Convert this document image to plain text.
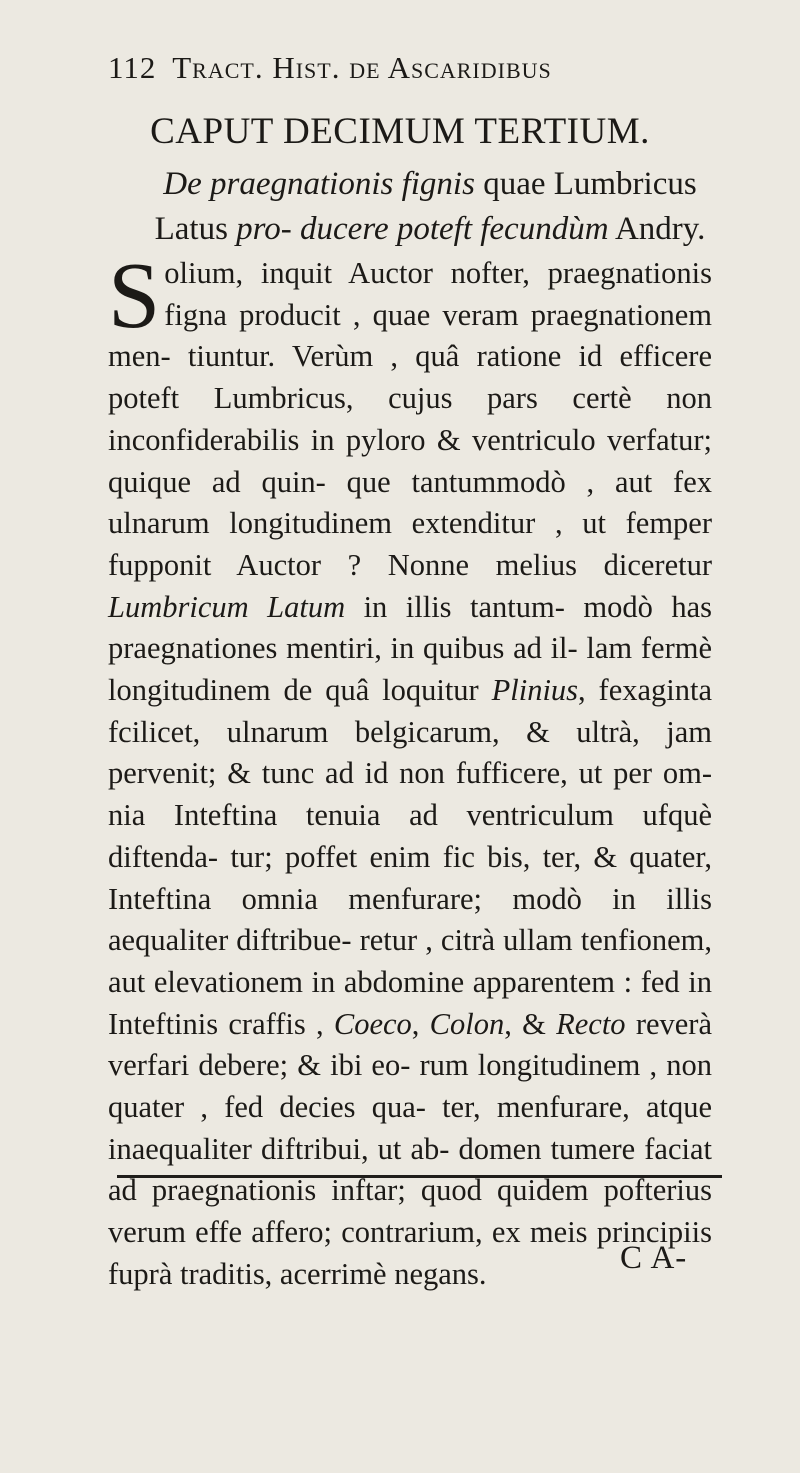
112 Tract. Hist. de Ascaridibus
CAPUT DECIMUM TERTIUM.
De praegnationis fignis quae Lumbricus Latus pro- ducere poteft fecundùm Andry.
Solium, inquit Auctor nofter, praegnationis figna producit , quae veram praegnationem men- tiuntur. Verùm , quâ ratione id efficere poteft Lumbricus, cujus pars certè non inconfiderabilis in pyloro & ventriculo verfatur; quique ad quin- que tantummodò , aut fex ulnarum longitudinem extenditur , ut femper fupponit Auctor ? Nonne melius diceretur Lumbricum Latum in illis tantum- modò has praegnationes mentiri, in quibus ad il- lam fermè longitudinem de quâ loquitur Plinius, fexaginta fcilicet, ulnarum belgicarum, & ultrà, jam pervenit; & tunc ad id non fufficere, ut per om- nia Inteftina tenuia ad ventriculum ufquè diftenda- tur; poffet enim fic bis, ter, & quater, Inteftina omnia menfurare; modò in illis aequaliter diftribue- retur , citrà ullam tenfionem, aut elevationem in abdomine apparentem : fed in Inteftinis craffis , Coeco, Colon, & Recto reverà verfari debere; & ibi eo- rum longitudinem , non quater , fed decies qua- ter, menfurare, atque inaequaliter diftribui, ut ab- domen tumere faciat ad praegnationis inftar; quod quidem pofterius verum effe affero; contrarium, ex meis principiis fuprà traditis, acerrimè negans.	C A-
